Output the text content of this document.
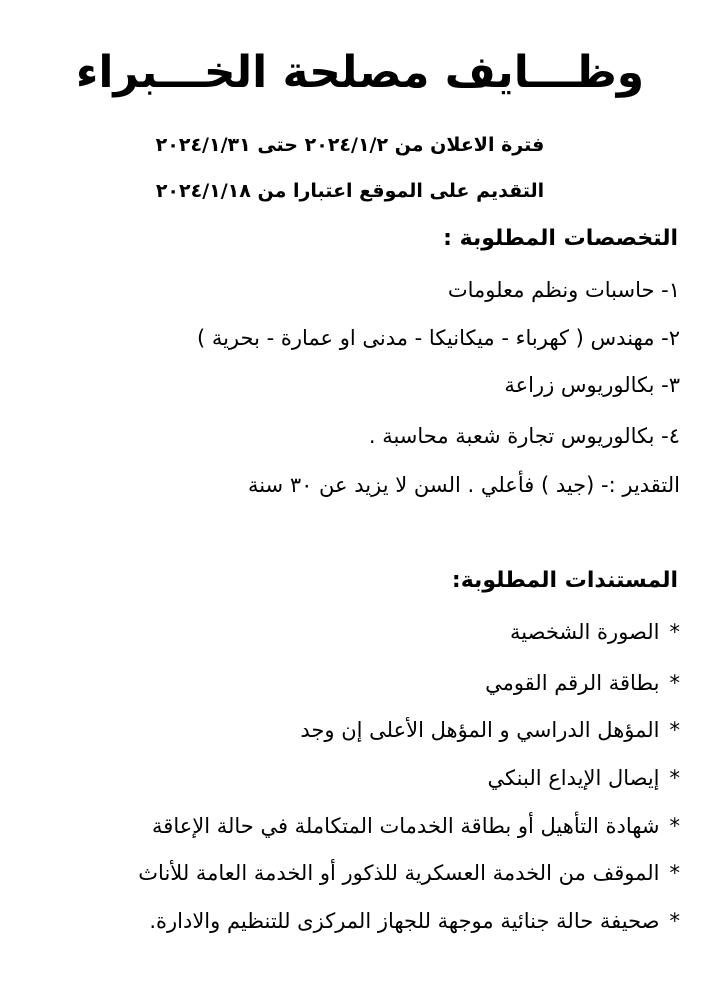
وظـــايف مصلحة الخـــبراء
فترة الاعلان من ٢٠٢٤/١/٢ حتى ٢٠٢٤/١/٣١
التقديم على الموقع اعتبارا من ٢٠٢٤/١/١٨
التخصصات المطلوبة :
١- حاسبات ونظم معلومات
٢- مهندس ( كهرباء - ميكانيكا - مدنى او عمارة - بحرية )
٣- بكالوريوس زراعة
٤- بكالوريوس تجارة شعبة محاسبة .
التقدير :- (جيد ) فأعلي . السن لا يزيد عن ٣٠ سنة
المستندات المطلوبة:
*الصورة الشخصية
*بطاقة الرقم القومي
*المؤهل الدراسي و المؤهل الأعلى إن وجد
*إيصال الإيداع البنكي
*شهادة التأهيل أو بطاقة الخدمات المتكاملة في حالة الإعاقة
*الموقف من الخدمة العسكرية للذكور أو الخدمة العامة للأناث
*صحيفة حالة جنائية موجهة للجهاز المركزى للتنظيم والادارة.
